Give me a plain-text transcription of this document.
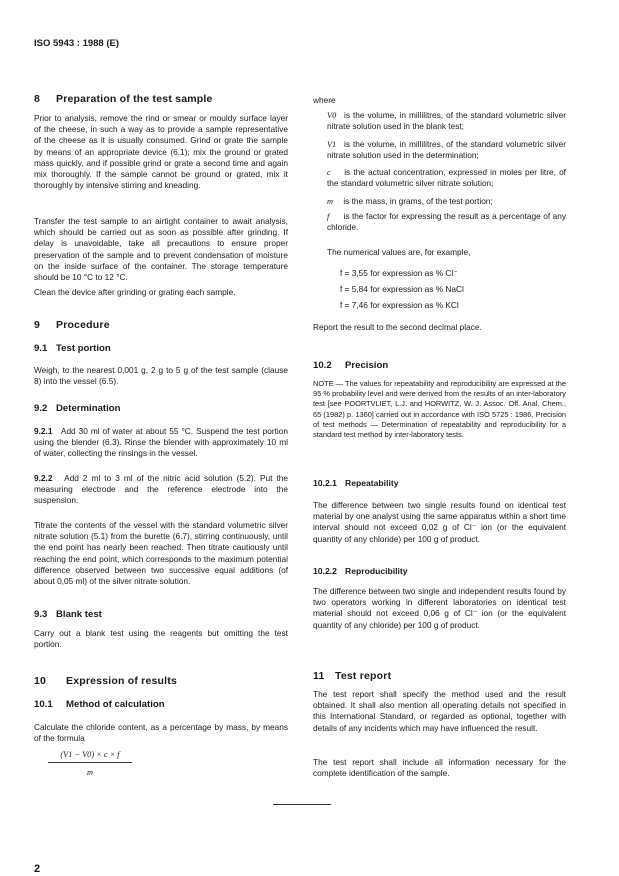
ISO 5943 : 1988 (E)
8 Preparation of the test sample
Prior to analysis, remove the rind or smear or mouldy surface layer of the cheese, in such a way as to provide a sample representative of the cheese as it is usually consumed. Grind or grate the sample by means of an appropriate device (6.1); mix the ground or grated mass quickly, and if possible grind or grate a second time and again mix thoroughly. If the sample cannot be ground or grated, mix it thoroughly by intensive stirring and kneading.
Transfer the test sample to an airtight container to await analysis, which should be carried out as soon as possible after grinding. If delay is unavoidable, take all precautions to ensure proper preservation of the sample and to prevent condensation of moisture on the inside surface of the container. The storage temperature should be 10 °C to 12 °C.
Clean the device after grinding or grating each sample.
9 Procedure
9.1 Test portion
Weigh, to the nearest 0,001 g, 2 g to 5 g of the test sample (clause 8) into the vessel (6.5).
9.2 Determination
9.2.1 Add 30 ml of water at about 55 °C. Suspend the test portion using the blender (6.3). Rinse the blender with approximately 10 ml of water, collecting the rinsings in the vessel.
9.2.2 Add 2 ml to 3 ml of the nitric acid solution (5.2). Put the measuring electrode and the reference electrode into the suspension.
Titrate the contents of the vessel with the standard volumetric silver nitrate solution (5.1) from the burette (6.7), stirring continuously, until the end point has nearly been reached. Then titrate cautiously until reaching the end point, which corresponds to the maximum potential difference observed between two successive equal additions (of about 0,05 ml) of the silver nitrate solution.
9.3 Blank test
Carry out a blank test using the reagents but omitting the test portion.
10 Expression of results
10.1 Method of calculation
Calculate the chloride content, as a percentage by mass, by means of the formula
(V1 − V0) × c × f
m
2
where
V0 is the volume, in millilitres, of the standard volumetric silver nitrate solution used in the blank test;
V1 is the volume, in millilitres, of the standard volumetric silver nitrate solution used in the determination;
c is the actual concentration, expressed in moles per litre, of the standard volumetric silver nitrate solution;
m is the mass, in grams, of the test portion;
f is the factor for expressing the result as a percentage of any chloride.
The numerical values are, for example,
f = 3,55 for expression as % Cl⁻
f = 5,84 for expression as % NaCl
f = 7,46 for expression as % KCl
Report the result to the second decimal place.
10.2 Precision
NOTE — The values for repeatability and reproducibility are expressed at the 95 % probability level and were derived from the results of an inter-laboratory test [see POORTVLIET, L.J. and HORWITZ, W. J. Assoc. Off. Anal. Chem., 65 (1982) p. 1360] carried out in accordance with ISO 5725 : 1986, Precision of test methods — Determination of repeatability and reproducibility for a standard test method by inter-laboratory tests.
10.2.1 Repeatability
The difference between two single results found on identical test material by one analyst using the same apparatus within a short time interval should not exceed 0,02 g of Cl⁻ ion (or the equivalent quantity of any chloride) per 100 g of product.
10.2.2 Reproducibility
The difference between two single and independent results found by two operators working in different laboratories on identical test material should not exceed 0,06 g of Cl⁻ ion (or the equivalent quantity of any chloride) per 100 g of product.
11 Test report
The test report shall specify the method used and the result obtained. It shall also mention all operating details not specified in this International Standard, or regarded as optional, together with details of any incidents which may have influenced the result.
The test report shall include all information necessary for the complete identification of the sample.
